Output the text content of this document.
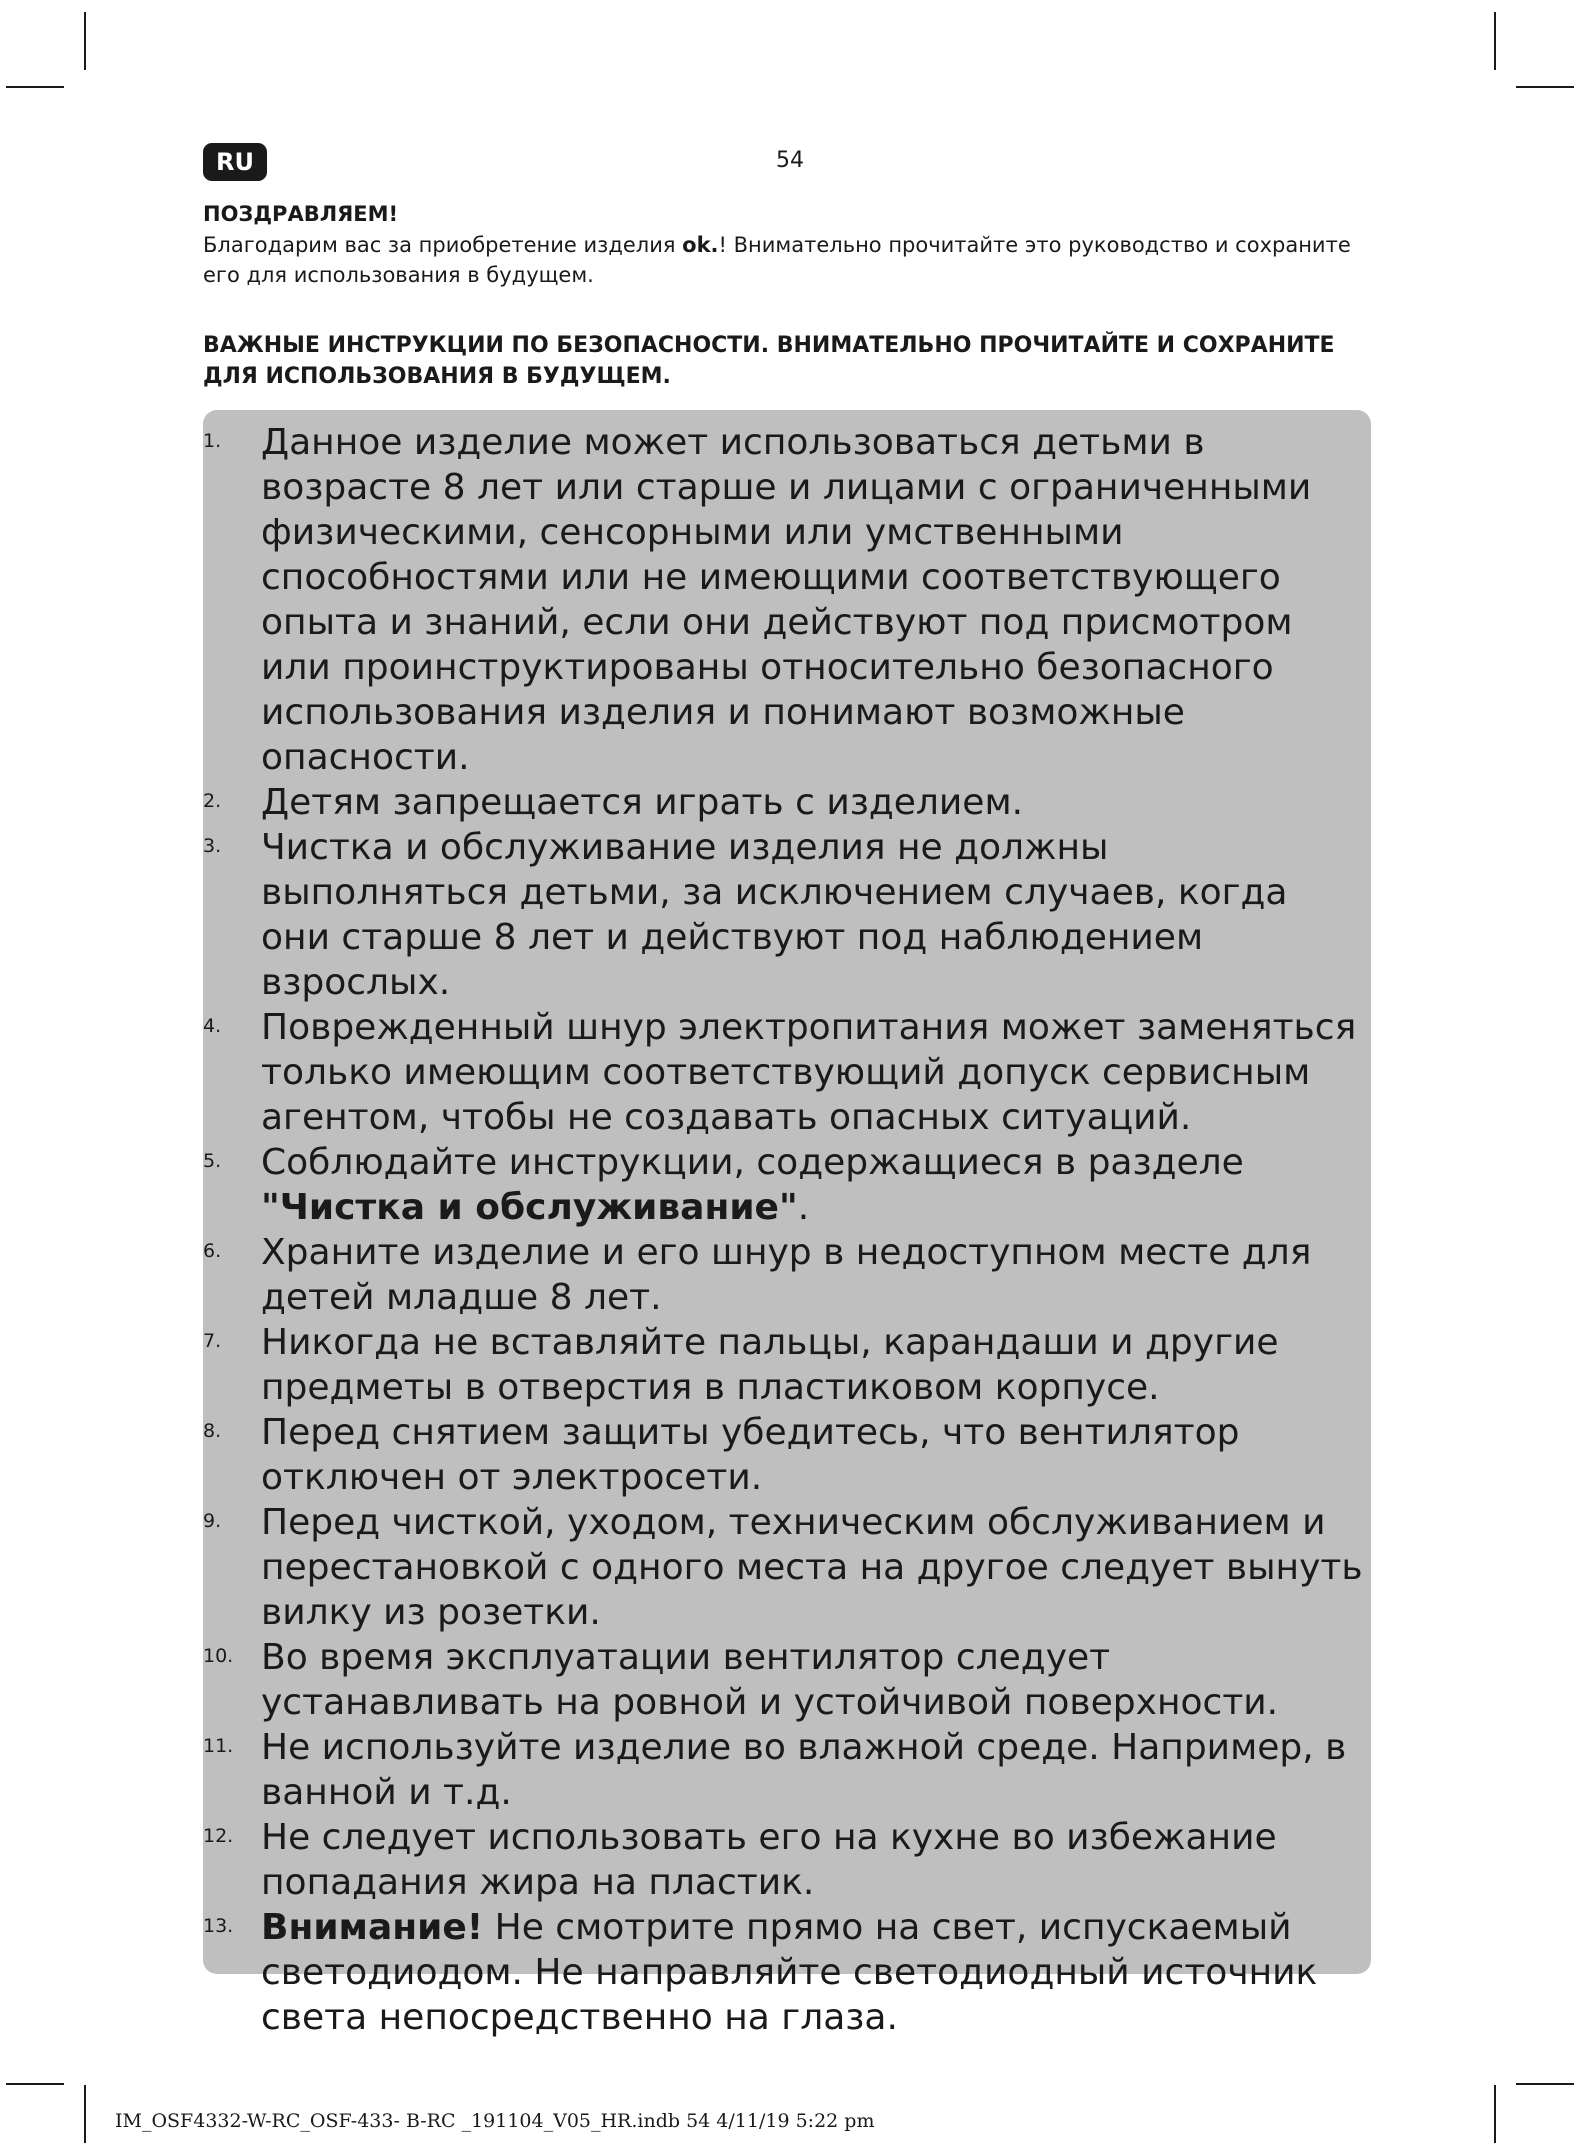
RU	54
ПОЗДРАВЛЯЕМ!
Благодарим вас за приобретение изделия ok.! Внимательно прочитайте это руководство и сохраните его для использования в будущем.
ВАЖНЫЕ ИНСТРУКЦИИ ПО БЕЗОПАСНОСТИ. ВНИМАТЕЛЬНО ПРОЧИТАЙТЕ И СОХРАНИТЕ ДЛЯ ИСПОЛЬЗОВАНИЯ В БУДУЩЕМ.
1. Данное изделие может использоваться детьми в возрасте 8 лет или старше и лицами с ограниченными физическими, сенсорными или умственными способностями или не имеющими соответствующего опыта и знаний, если они действуют под присмотром или проинструктированы относительно безопасного использования изделия и понимают возможные опасности.
2. Детям запрещается играть с изделием.
3. Чистка и обслуживание изделия не должны выполняться детьми, за исключением случаев, когда они старше 8 лет и действуют под наблюдением взрослых.
4. Поврежденный шнур электропитания может заменяться только имеющим соответствующий допуск сервисным агентом, чтобы не создавать опасных ситуаций.
5. Соблюдайте инструкции, содержащиеся в разделе "Чистка и обслуживание".
6. Храните изделие и его шнур в недоступном месте для детей младше 8 лет.
7. Никогда не вставляйте пальцы, карандаши и другие предметы в отверстия в пластиковом корпусе.
8. Перед снятием защиты убедитесь, что вентилятор отключен от электросети.
9. Перед чисткой, уходом, техническим обслуживанием и перестановкой с одного места на другое следует вынуть вилку из розетки.
10. Во время эксплуатации вентилятор следует устанавливать на ровной и устойчивой поверхности.
11. Не используйте изделие во влажной среде. Например, в ванной и т.д.
12. Не следует использовать его на кухне во избежание попадания жира на пластик.
13. Внимание! Не смотрите прямо на свет, испускаемый светодиодом. Не направляйте светодиодный источник света непосредственно на глаза.
IM_OSF4332-W-RC_OSF-433- B-RC _191104_V05_HR.indb 54 4/11/19 5:22 pm
